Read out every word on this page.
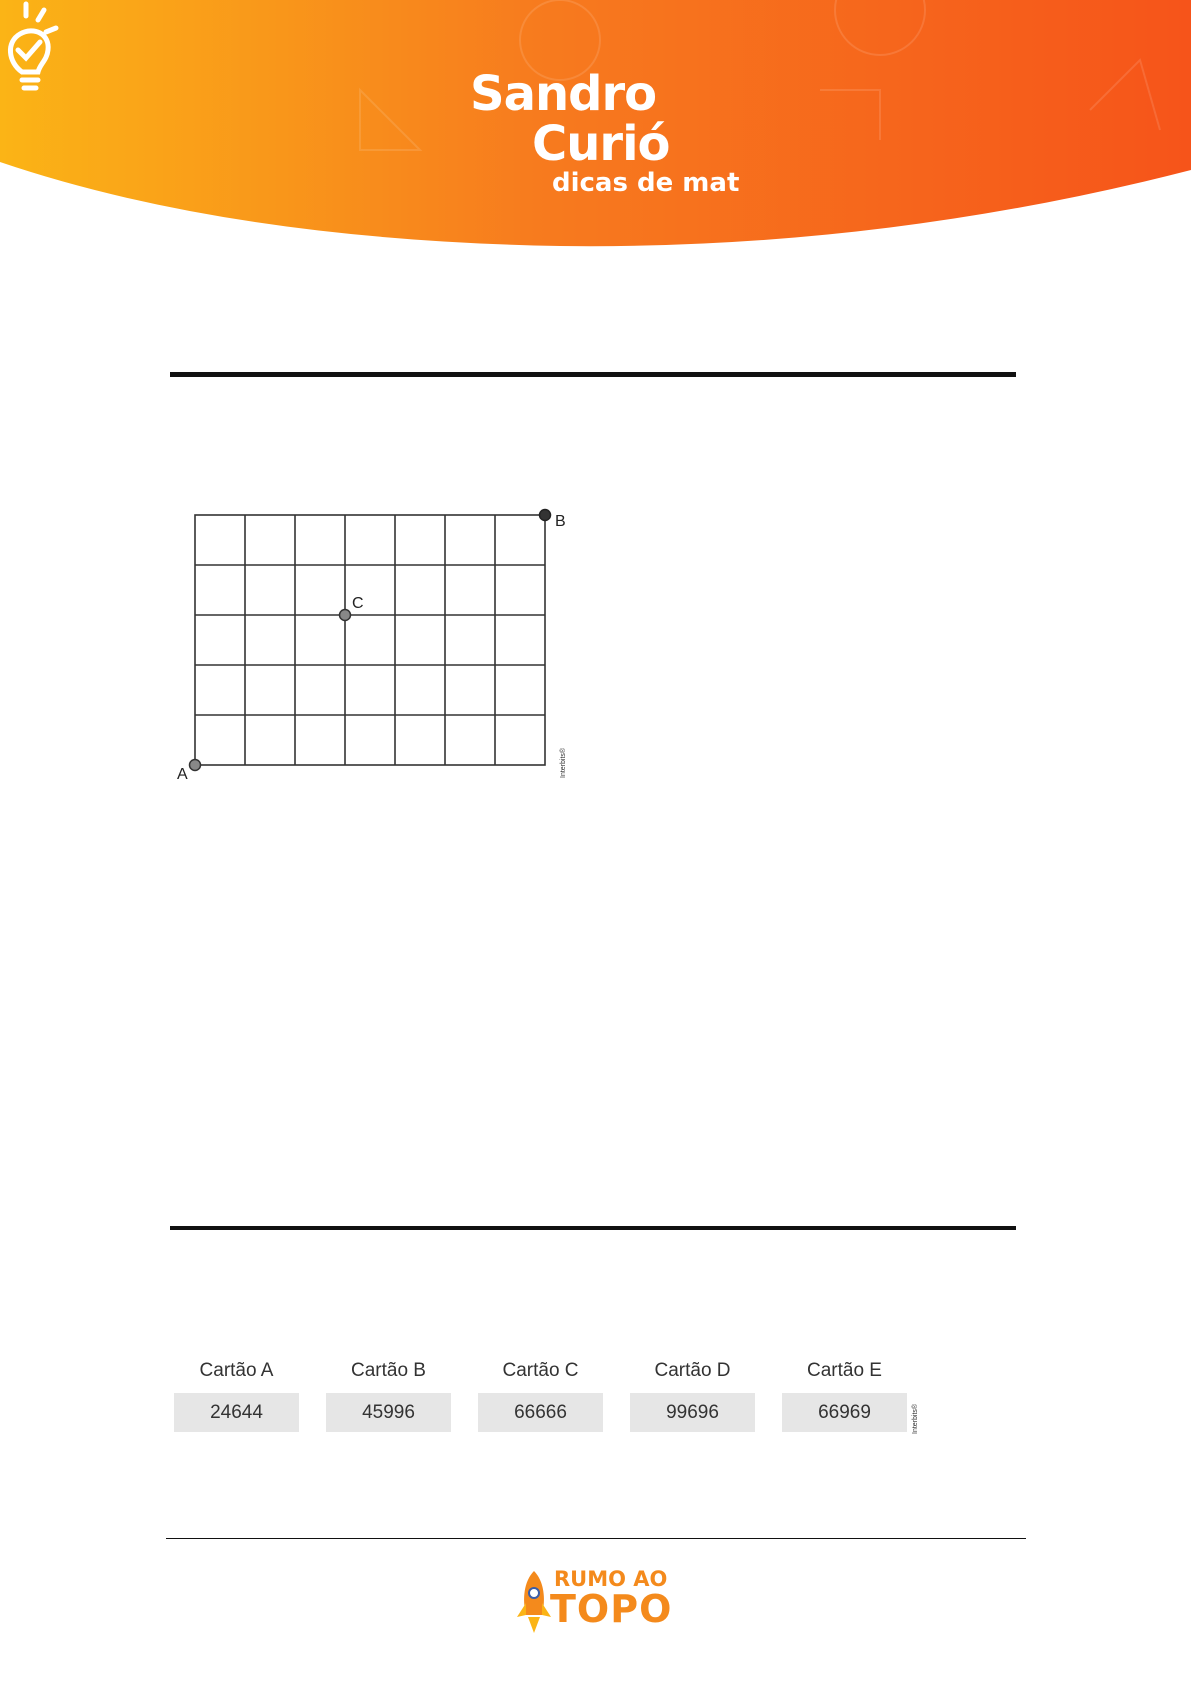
Sandro
Curió
dicas de mat
A
B
C
Interbits®
Cartão A
24644
Cartão B
45996
Cartão C
66666
Cartão D
99696
Cartão E
66969	Interbits®
RUMO AO
TOPO
